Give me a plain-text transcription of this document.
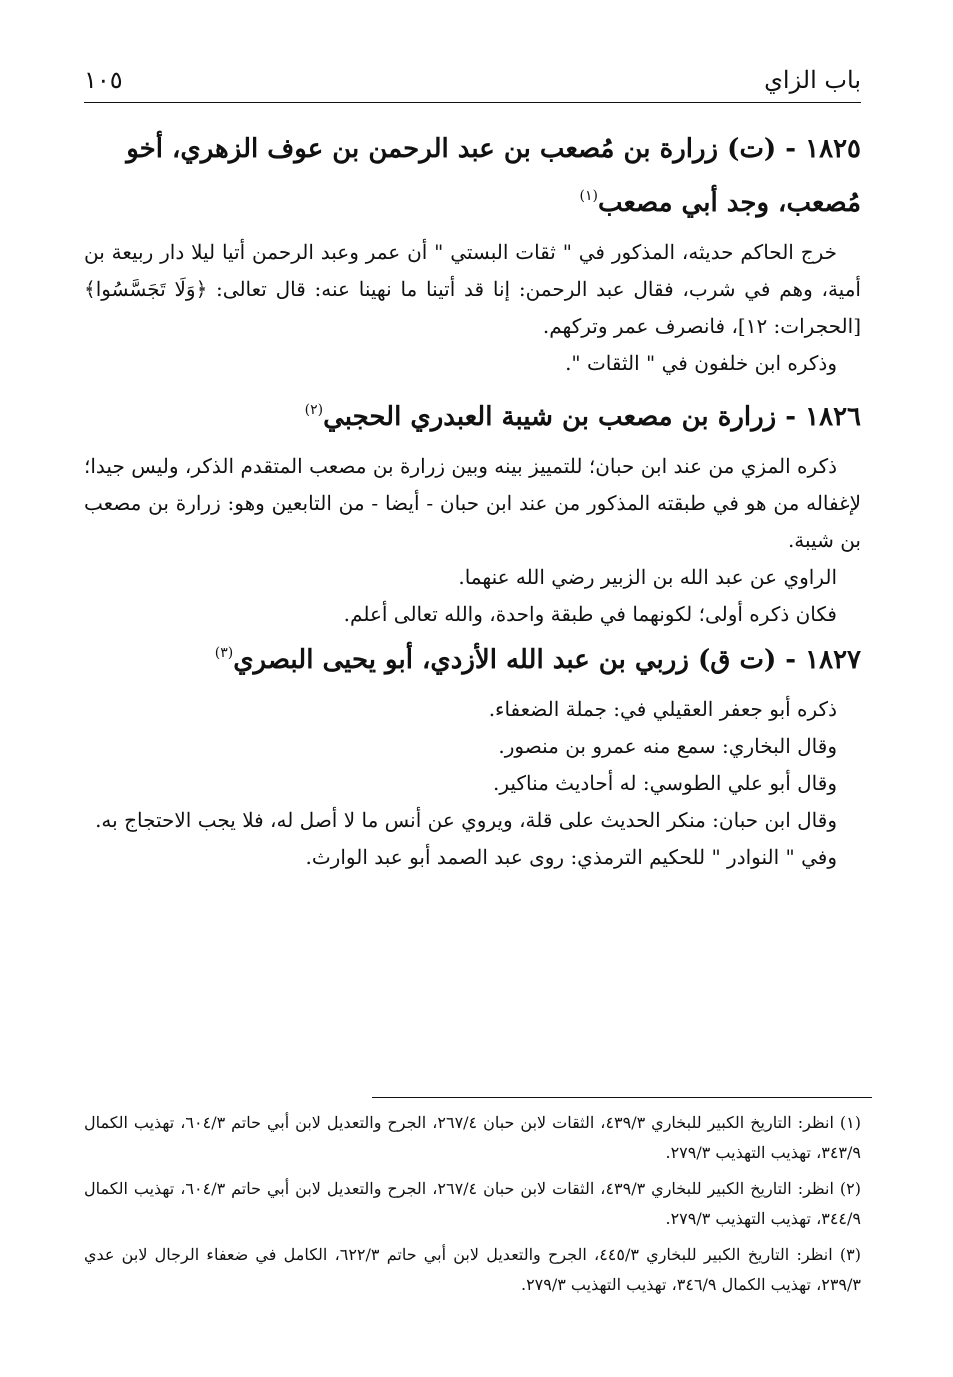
باب الزاي
١٠٥
١٨٢٥ - (ت) زرارة بن مُصعب بن عبد الرحمن بن عوف الزهري، أخو مُصعب، وجد أبي مصعب$^{(١)}$

خرج الحاكم حديثه، المذكور في " ثقات البستي " أن عمر وعبد الرحمن أتيا ليلا دار ربيعة بن أمية، وهم في شرب، فقال عبد الرحمن: إنا قد أتينا ما نهينا عنه: قال تعالى: ﴿وَلَا تَجَسَّسُوا﴾ [الحجرات: ١٢]، فانصرف عمر وتركهم.

وذكره ابن خلفون في " الثقات ".

١٨٢٦ - زرارة بن مصعب بن شيبة العبدري الحجبي$^{(٢)}$

ذكره المزي من عند ابن حبان؛ للتمييز بينه وبين زرارة بن مصعب المتقدم الذكر، وليس جيدا؛ لإغفاله من هو في طبقته المذكور من عند ابن حبان - أيضا - من التابعين وهو: زرارة بن مصعب بن شيبة.

الراوي عن عبد الله بن الزبير رضي الله عنهما.

فكان ذكره أولى؛ لكونهما في طبقة واحدة، والله تعالى أعلم.

١٨٢٧ - (ت ق) زربي بن عبد الله الأزدي، أبو يحيى البصري$^{(٣)}$

ذكره أبو جعفر العقيلي في: جملة الضعفاء.

وقال البخاري: سمع منه عمرو بن منصور.

وقال أبو علي الطوسي: له أحاديث مناكير.

وقال ابن حبان: منكر الحديث على قلة، ويروي عن أنس ما لا أصل له، فلا يجب الاحتجاج به.

وفي " النوادر " للحكيم الترمذي: روى عبد الصمد أبو عبد الوارث.

(١) انظر: التاريخ الكبير للبخاري ٤٣٩/٣، الثقات لابن حبان ٢٦٧/٤، الجرح والتعديل لابن أبي حاتم ٦٠٤/٣، تهذيب الكمال ٣٤٣/٩، تهذيب التهذيب ٢٧٩/٣.

(٢) انظر: التاريخ الكبير للبخاري ٤٣٩/٣، الثقات لابن حبان ٢٦٧/٤، الجرح والتعديل لابن أبي حاتم ٦٠٤/٣، تهذيب الكمال ٣٤٤/٩، تهذيب التهذيب ٢٧٩/٣.

(٣) انظر: التاريخ الكبير للبخاري ٤٤٥/٣، الجرح والتعديل لابن أبي حاتم ٦٢٢/٣، الكامل في ضعفاء الرجال لابن عدي ٢٣٩/٣، تهذيب الكمال ٣٤٦/٩، تهذيب التهذيب ٢٧٩/٣.
